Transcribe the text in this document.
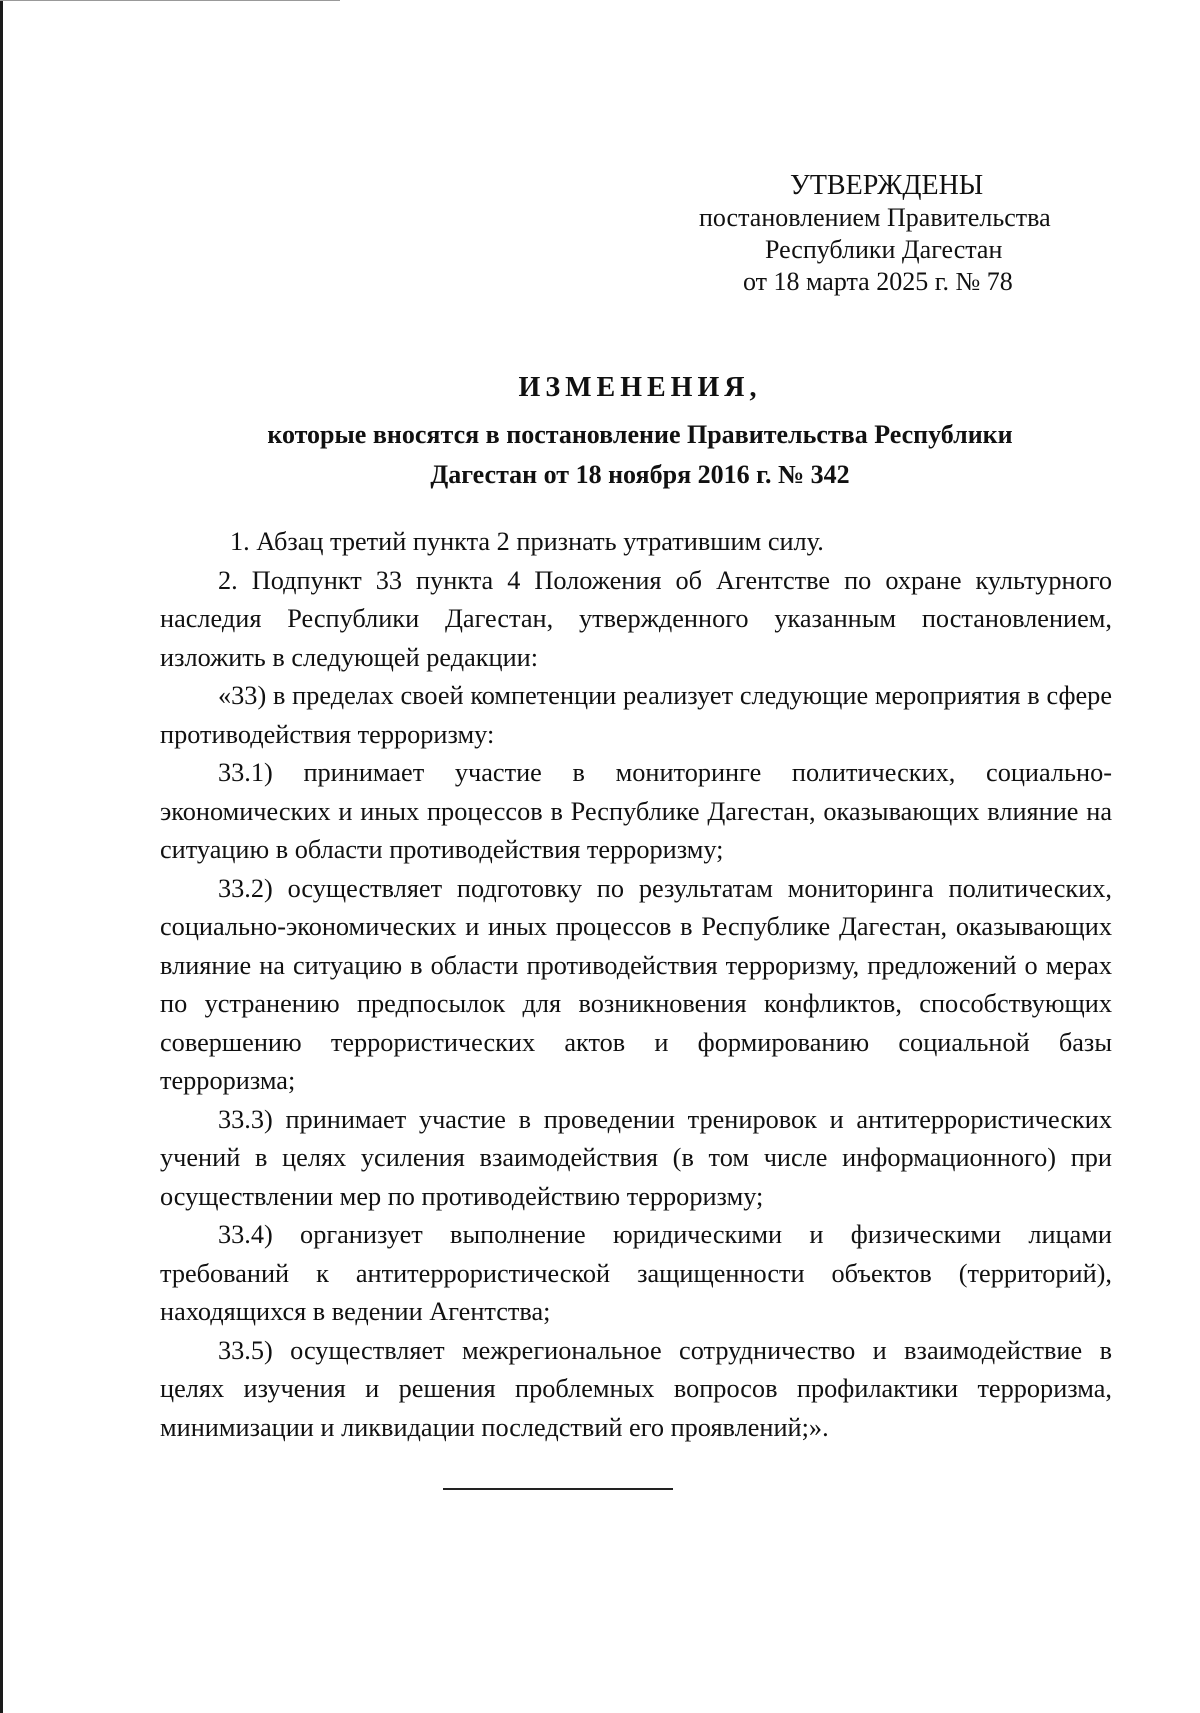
УТВЕРЖДЕНЫ
постановлением Правительства
Республики Дагестан
от 18 марта 2025 г. № 78
ИЗМЕНЕНИЯ,
которые вносятся в постановление Правительства Республики
Дагестан от 18 ноября 2016 г. № 342

1. Абзац третий пункта 2 признать утратившим силу.

2. Подпункт 33 пункта 4 Положения об Агентстве по охране культурного наследия Республики Дагестан, утвержденного указанным постановлением, изложить в следующей редакции:

«33) в пределах своей компетенции реализует следующие мероприятия в сфере противодействия терроризму:

33.1) принимает участие в мониторинге политических, социально-экономических и иных процессов в Республике Дагестан, оказывающих влияние на ситуацию в области противодействия терроризму;

33.2) осуществляет подготовку по результатам мониторинга политических, социально-экономических и иных процессов в Республике Дагестан, оказывающих влияние на ситуацию в области противодействия терроризму, предложений о мерах по устранению предпосылок для возникновения конфликтов, способствующих совершению террористических актов и формированию социальной базы терроризма;

33.3) принимает участие в проведении тренировок и антитеррористических учений в целях усиления взаимодействия (в том числе информационного) при осуществлении мер по противодействию терроризму;

33.4) организует выполнение юридическими и физическими лицами требований к антитеррористической защищенности объектов (территорий), находящихся в ведении Агентства;

33.5) осуществляет межрегиональное сотрудничество и взаимодействие в целях изучения и решения проблемных вопросов профилактики терроризма, минимизации и ликвидации последствий его проявлений;».
